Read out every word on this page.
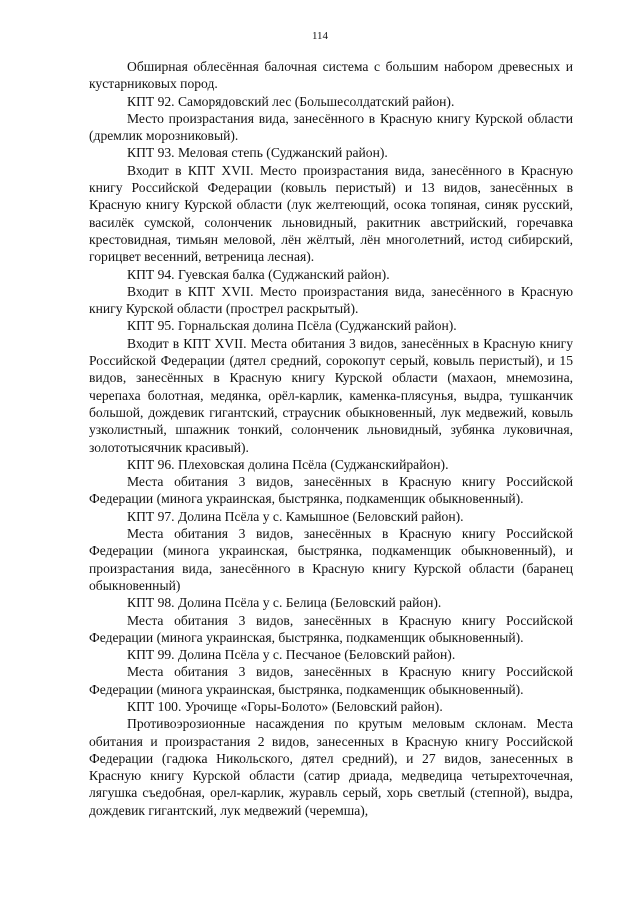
114

Обширная облесённая балочная система с большим набором древесных и кустарниковых пород.

КПТ 92. Саморядовский лес (Большесолдатский район).

Место произрастания вида, занесённого в Красную книгу Курской области (дремлик морозниковый).

КПТ 93. Меловая степь (Суджанский район).

Входит в КПТ XVII. Место произрастания вида, занесённого в Красную книгу Российской Федерации (ковыль перистый) и 13 видов, занесённых в Красную книгу Курской области (лук желтеющий, осока топяная, синяк русский, василёк сумской, солонченик льновидный, ракитник австрийский, горечавка крестовидная, тимьян меловой, лён жёлтый, лён многолетний, истод сибирский, горицвет весенний, ветреница лесная).

КПТ 94. Гуевская балка (Суджанский район).

Входит в КПТ XVII. Место произрастания вида, занесённого в Красную книгу Курской области (прострел раскрытый).

КПТ 95. Горнальская долина Псёла (Суджанский район).

Входит в КПТ XVII. Места обитания 3 видов, занесённых в Красную книгу Российской Федерации (дятел средний, сорокопут серый, ковыль перистый), и 15 видов, занесённых в Красную книгу Курской области (махаон, мнемозина, черепаха болотная, медянка, орёл-карлик, каменка-плясунья, выдра, тушканчик большой, дождевик гигантский, страусник обыкновенный, лук медвежий, ковыль узколистный, шпажник тонкий, солонченик льновидный, зубянка луковичная, золототысячник красивый).

КПТ 96. Плеховская долина Псёла (Суджанскийрайон).

Места обитания 3 видов, занесённых в Красную книгу Российской Федерации (минога украинская, быстрянка, подкаменщик обыкновенный).

КПТ 97. Долина Псёла у с. Камышное (Беловский район).

Места обитания 3 видов, занесённых в Красную книгу Российской Федерации (минога украинская, быстрянка, подкаменщик обыкновенный), и произрастания вида, занесённого в Красную книгу Курской области (баранец обыкновенный)

КПТ 98. Долина Псёла у с. Белица (Беловский район).

Места обитания 3 видов, занесённых в Красную книгу Российской Федерации (минога украинская, быстрянка, подкаменщик обыкновенный).

КПТ 99. Долина Псёла у с. Песчаное (Беловский район).

Места обитания 3 видов, занесённых в Красную книгу Российской Федерации (минога украинская, быстрянка, подкаменщик обыкновенный).

КПТ 100. Урочище «Горы-Болото» (Беловский район).

Противоэрозионные насаждения по крутым меловым склонам. Места обитания и произрастания 2 видов, занесенных в Красную книгу Российской Федерации (гадюка Никольского, дятел средний), и 27 видов, занесенных в Красную книгу Курской области (сатир дриада, медведица четырехточечная, лягушка съедобная, орел-карлик, журавль серый, хорь светлый (степной), выдра, дождевик гигантский, лук медвежий (черемша),
